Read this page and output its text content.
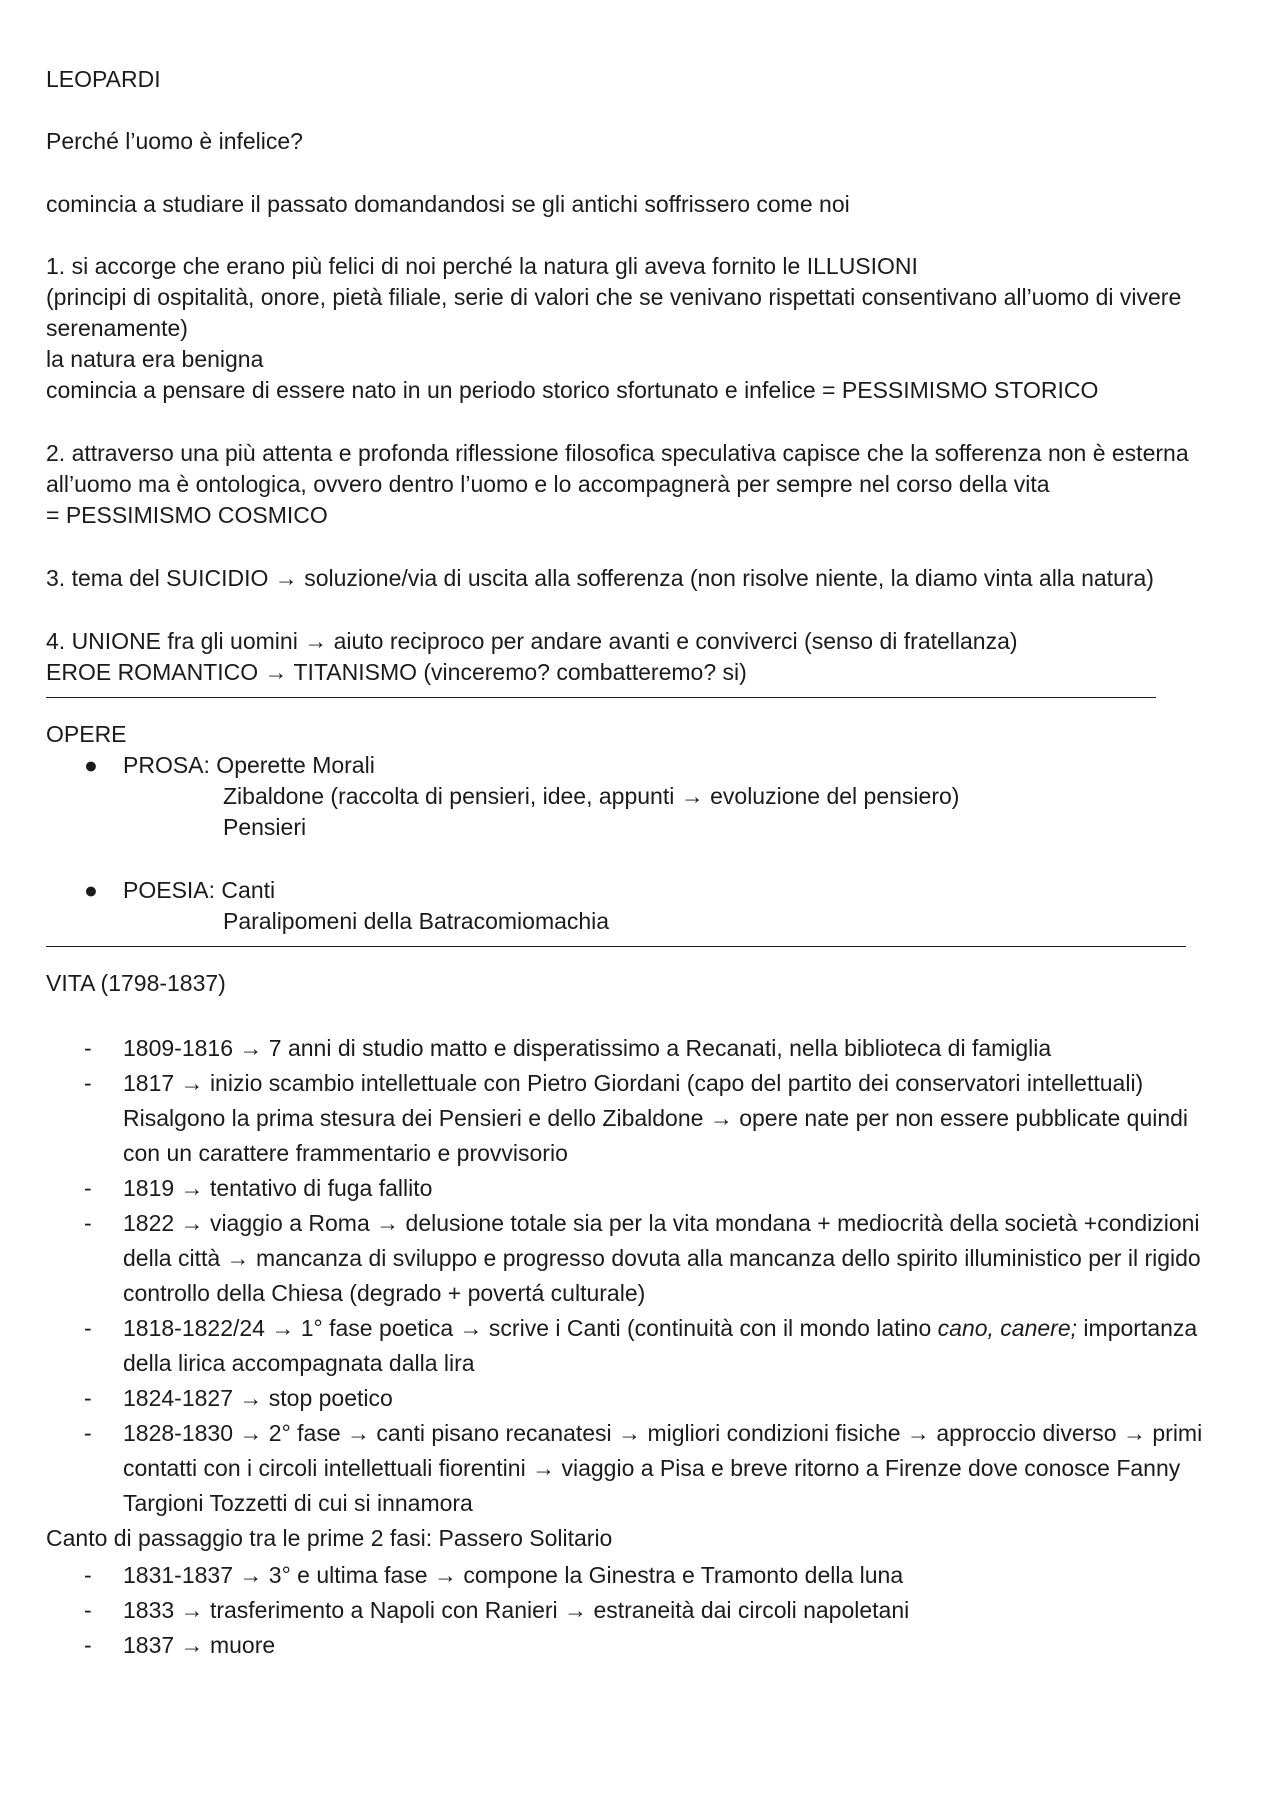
LEOPARDI
Perché l’uomo è infelice?
comincia a studiare il passato domandandosi se gli antichi soffrissero come noi
1. si accorge che erano più felici di noi perché la natura gli aveva fornito le ILLUSIONI
(principi di ospitalità, onore, pietà filiale, serie di valori che se venivano rispettati consentivano all’uomo di vivere
serenamente)
la natura era benigna
comincia a pensare di essere nato in un periodo storico sfortunato e infelice = PESSIMISMO STORICO
2. attraverso una più attenta e profonda riflessione filosofica speculativa capisce che la sofferenza non è esterna
all’uomo ma è ontologica, ovvero dentro l’uomo e lo accompagnerà per sempre nel corso della vita
= PESSIMISMO COSMICO
3. tema del SUICIDIO → soluzione/via di uscita alla sofferenza (non risolve niente, la diamo vinta alla natura)
4. UNIONE fra gli uomini → aiuto reciproco per andare avanti e conviverci (senso di fratellanza)
EROE ROMANTICO → TITANISMO (vinceremo? combatteremo? si)
OPERE
● PROSA: Operette Morali
Zibaldone (raccolta di pensieri, idee, appunti → evoluzione del pensiero)
Pensieri
● POESIA: Canti
Paralipomeni della Batracomiomachia
VITA (1798-1837)
- 1809-1816 → 7 anni di studio matto e disperatissimo a Recanati, nella biblioteca di famiglia
- 1817 → inizio scambio intellettuale con Pietro Giordani (capo del partito dei conservatori intellettuali)
Risalgono la prima stesura dei Pensieri e dello Zibaldone → opere nate per non essere pubblicate quindi
con un carattere frammentario e provvisorio
- 1819 → tentativo di fuga fallito
- 1822 → viaggio a Roma → delusione totale sia per la vita mondana + mediocrità della società +condizioni
della città → mancanza di sviluppo e progresso dovuta alla mancanza dello spirito illuministico per il rigido
controllo della Chiesa (degrado + povertá culturale)
- 1818-1822/24 → 1° fase poetica → scrive i Canti (continuità con il mondo latino cano, canere; importanza
della lirica accompagnata dalla lira
- 1824-1827 → stop poetico
- 1828-1830 → 2° fase → canti pisano recanatesi → migliori condizioni fisiche → approccio diverso → primi
contatti con i circoli intellettuali fiorentini → viaggio a Pisa e breve ritorno a Firenze dove conosce Fanny
Targioni Tozzetti di cui si innamora
Canto di passaggio tra le prime 2 fasi: Passero Solitario
- 1831-1837 → 3° e ultima fase → compone la Ginestra e Tramonto della luna
- 1833 → trasferimento a Napoli con Ranieri → estraneità dai circoli napoletani
- 1837 → muore
